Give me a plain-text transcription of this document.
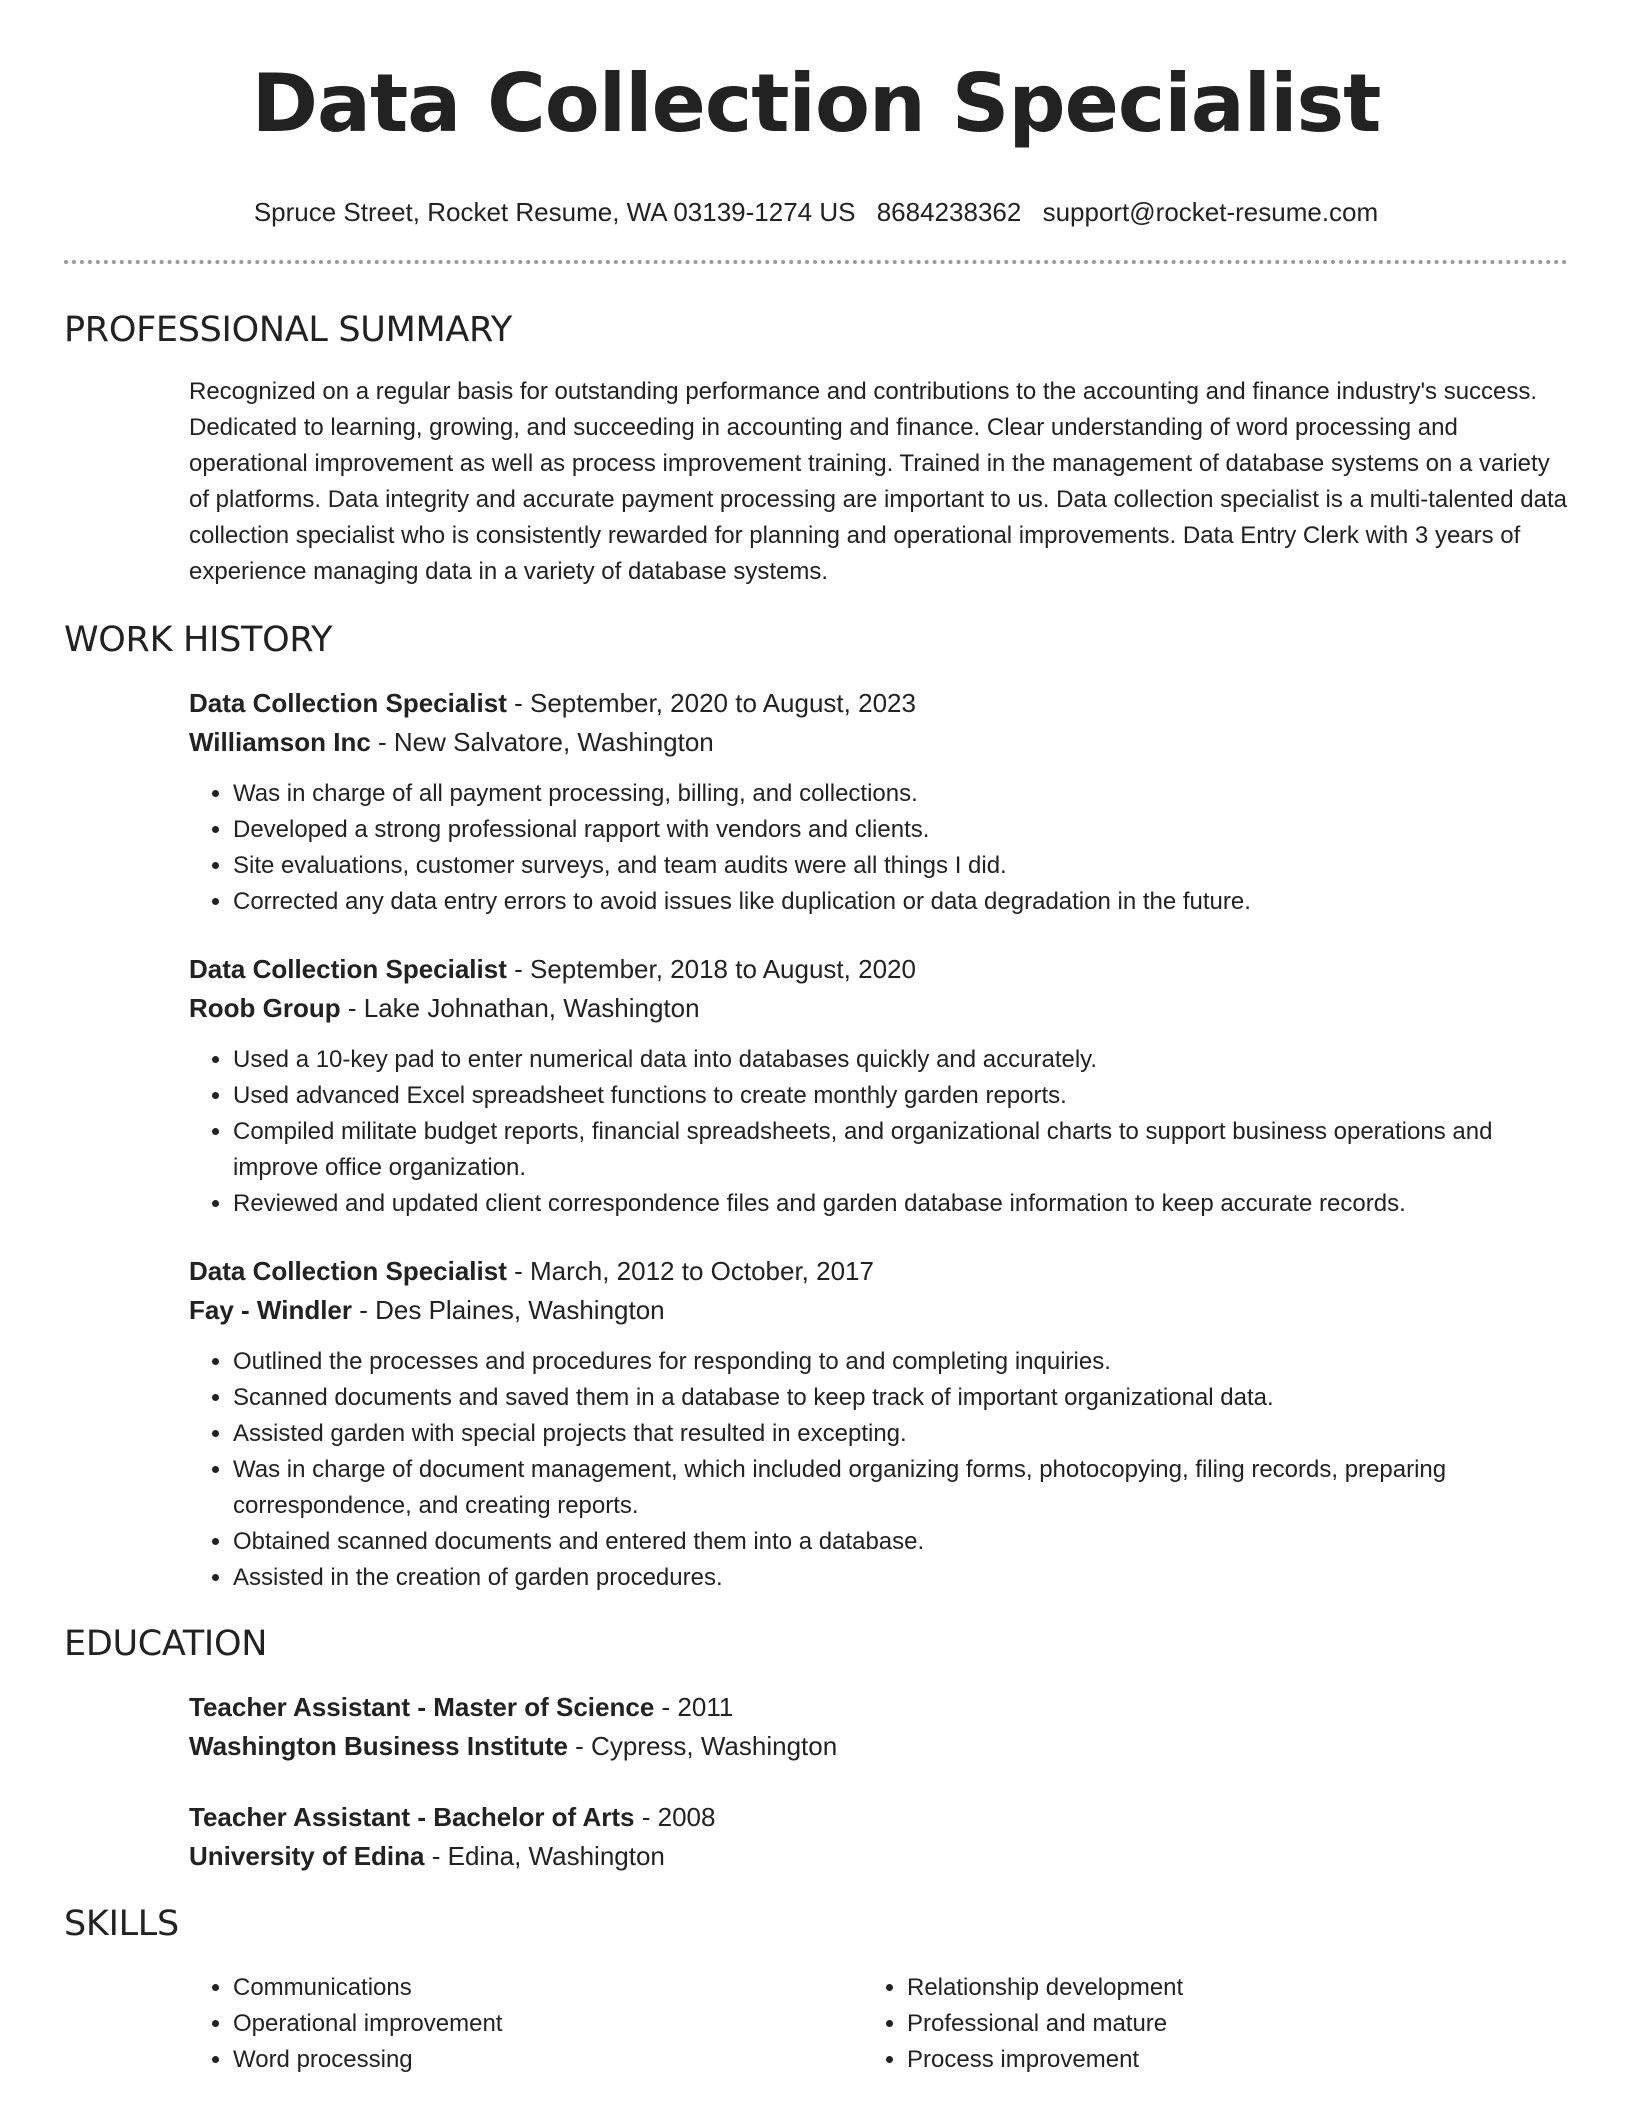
Data Collection Specialist
Spruce Street, Rocket Resume, WA 03139-1274 US 8684238362 support@rocket-resume.com
PROFESSIONAL SUMMARY

Recognized on a regular basis for outstanding performance and contributions to the accounting and finance industry's success. Dedicated to learning, growing, and succeeding in accounting and finance. Clear understanding of word processing and operational improvement as well as process improvement training. Trained in the management of database systems on a variety of platforms. Data integrity and accurate payment processing are important to us. Data collection specialist is a multi-talented data collection specialist who is consistently rewarded for planning and operational improvements. Data Entry Clerk with 3 years of experience managing data in a variety of database systems.

WORK HISTORY
Data Collection Specialist - September, 2020 to August, 2023
Williamson Inc - New Salvatore, Washington
• Was in charge of all payment processing, billing, and collections.
• Developed a strong professional rapport with vendors and clients.
• Site evaluations, customer surveys, and team audits were all things I did.
• Corrected any data entry errors to avoid issues like duplication or data degradation in the future.
Data Collection Specialist - September, 2018 to August, 2020
Roob Group - Lake Johnathan, Washington
• Used a 10-key pad to enter numerical data into databases quickly and accurately.
• Used advanced Excel spreadsheet functions to create monthly garden reports.
• Compiled militate budget reports, financial spreadsheets, and organizational charts to support business operations and improve office organization.
• Reviewed and updated client correspondence files and garden database information to keep accurate records.
Data Collection Specialist - March, 2012 to October, 2017
Fay - Windler - Des Plaines, Washington
• Outlined the processes and procedures for responding to and completing inquiries.
• Scanned documents and saved them in a database to keep track of important organizational data.
• Assisted garden with special projects that resulted in excepting.
• Was in charge of document management, which included organizing forms, photocopying, filing records, preparing correspondence, and creating reports.
• Obtained scanned documents and entered them into a database.
• Assisted in the creation of garden procedures.
EDUCATION
Teacher Assistant - Master of Science - 2011
Washington Business Institute - Cypress, Washington
Teacher Assistant - Bachelor of Arts - 2008
University of Edina - Edina, Washington
SKILLS
• Communications
• Operational improvement
• Word processing
• Relationship development
• Professional and mature
• Process improvement
